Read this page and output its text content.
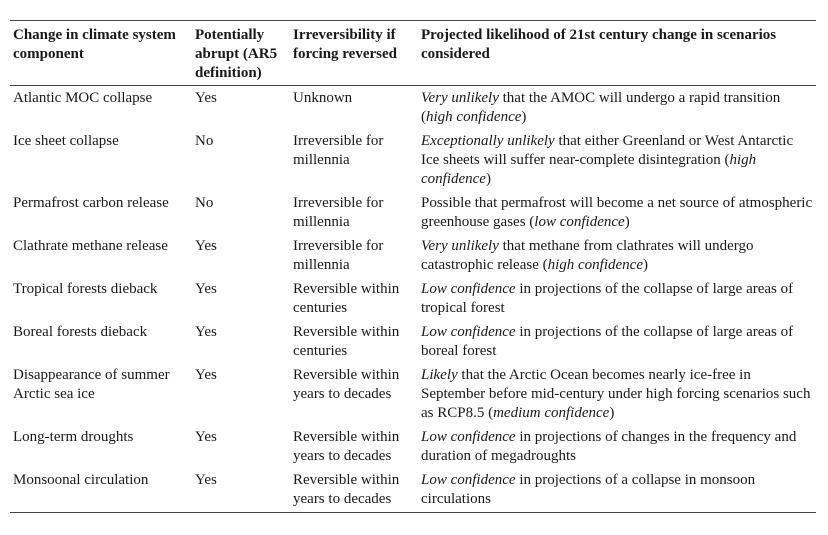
Change in climate system component	Potentially abrupt (AR5 definition)	Irreversibility if forcing reversed	Projected likelihood of 21st century change in scenarios considered
Atlantic MOC collapse	Yes	Unknown	Very unlikely that the AMOC will undergo a rapid transition (high confidence)
Ice sheet collapse	No	Irreversible for millennia	Exceptionally unlikely that either Greenland or West Antarctic Ice sheets will suffer near-complete disintegration (high confidence)
Permafrost carbon release	No	Irreversible for millennia	Possible that permafrost will become a net source of atmospheric greenhouse gases (low confidence)
Clathrate methane release	Yes	Irreversible for millennia	Very unlikely that methane from clathrates will undergo catastrophic release (high confidence)
Tropical forests dieback	Yes	Reversible within centuries	Low confidence in projections of the collapse of large areas of tropical forest
Boreal forests dieback	Yes	Reversible within centuries	Low confidence in projections of the collapse of large areas of boreal forest
Disappearance of summer Arctic sea ice	Yes	Reversible within years to decades	Likely that the Arctic Ocean becomes nearly ice-free in September before mid-century under high forcing scenarios such as RCP8.5 (medium confidence)
Long-term droughts	Yes	Reversible within years to decades	Low confidence in projections of changes in the frequency and duration of megadroughts
Monsoonal circulation	Yes	Reversible within years to decades	Low confidence in projections of a collapse in monsoon circulations
